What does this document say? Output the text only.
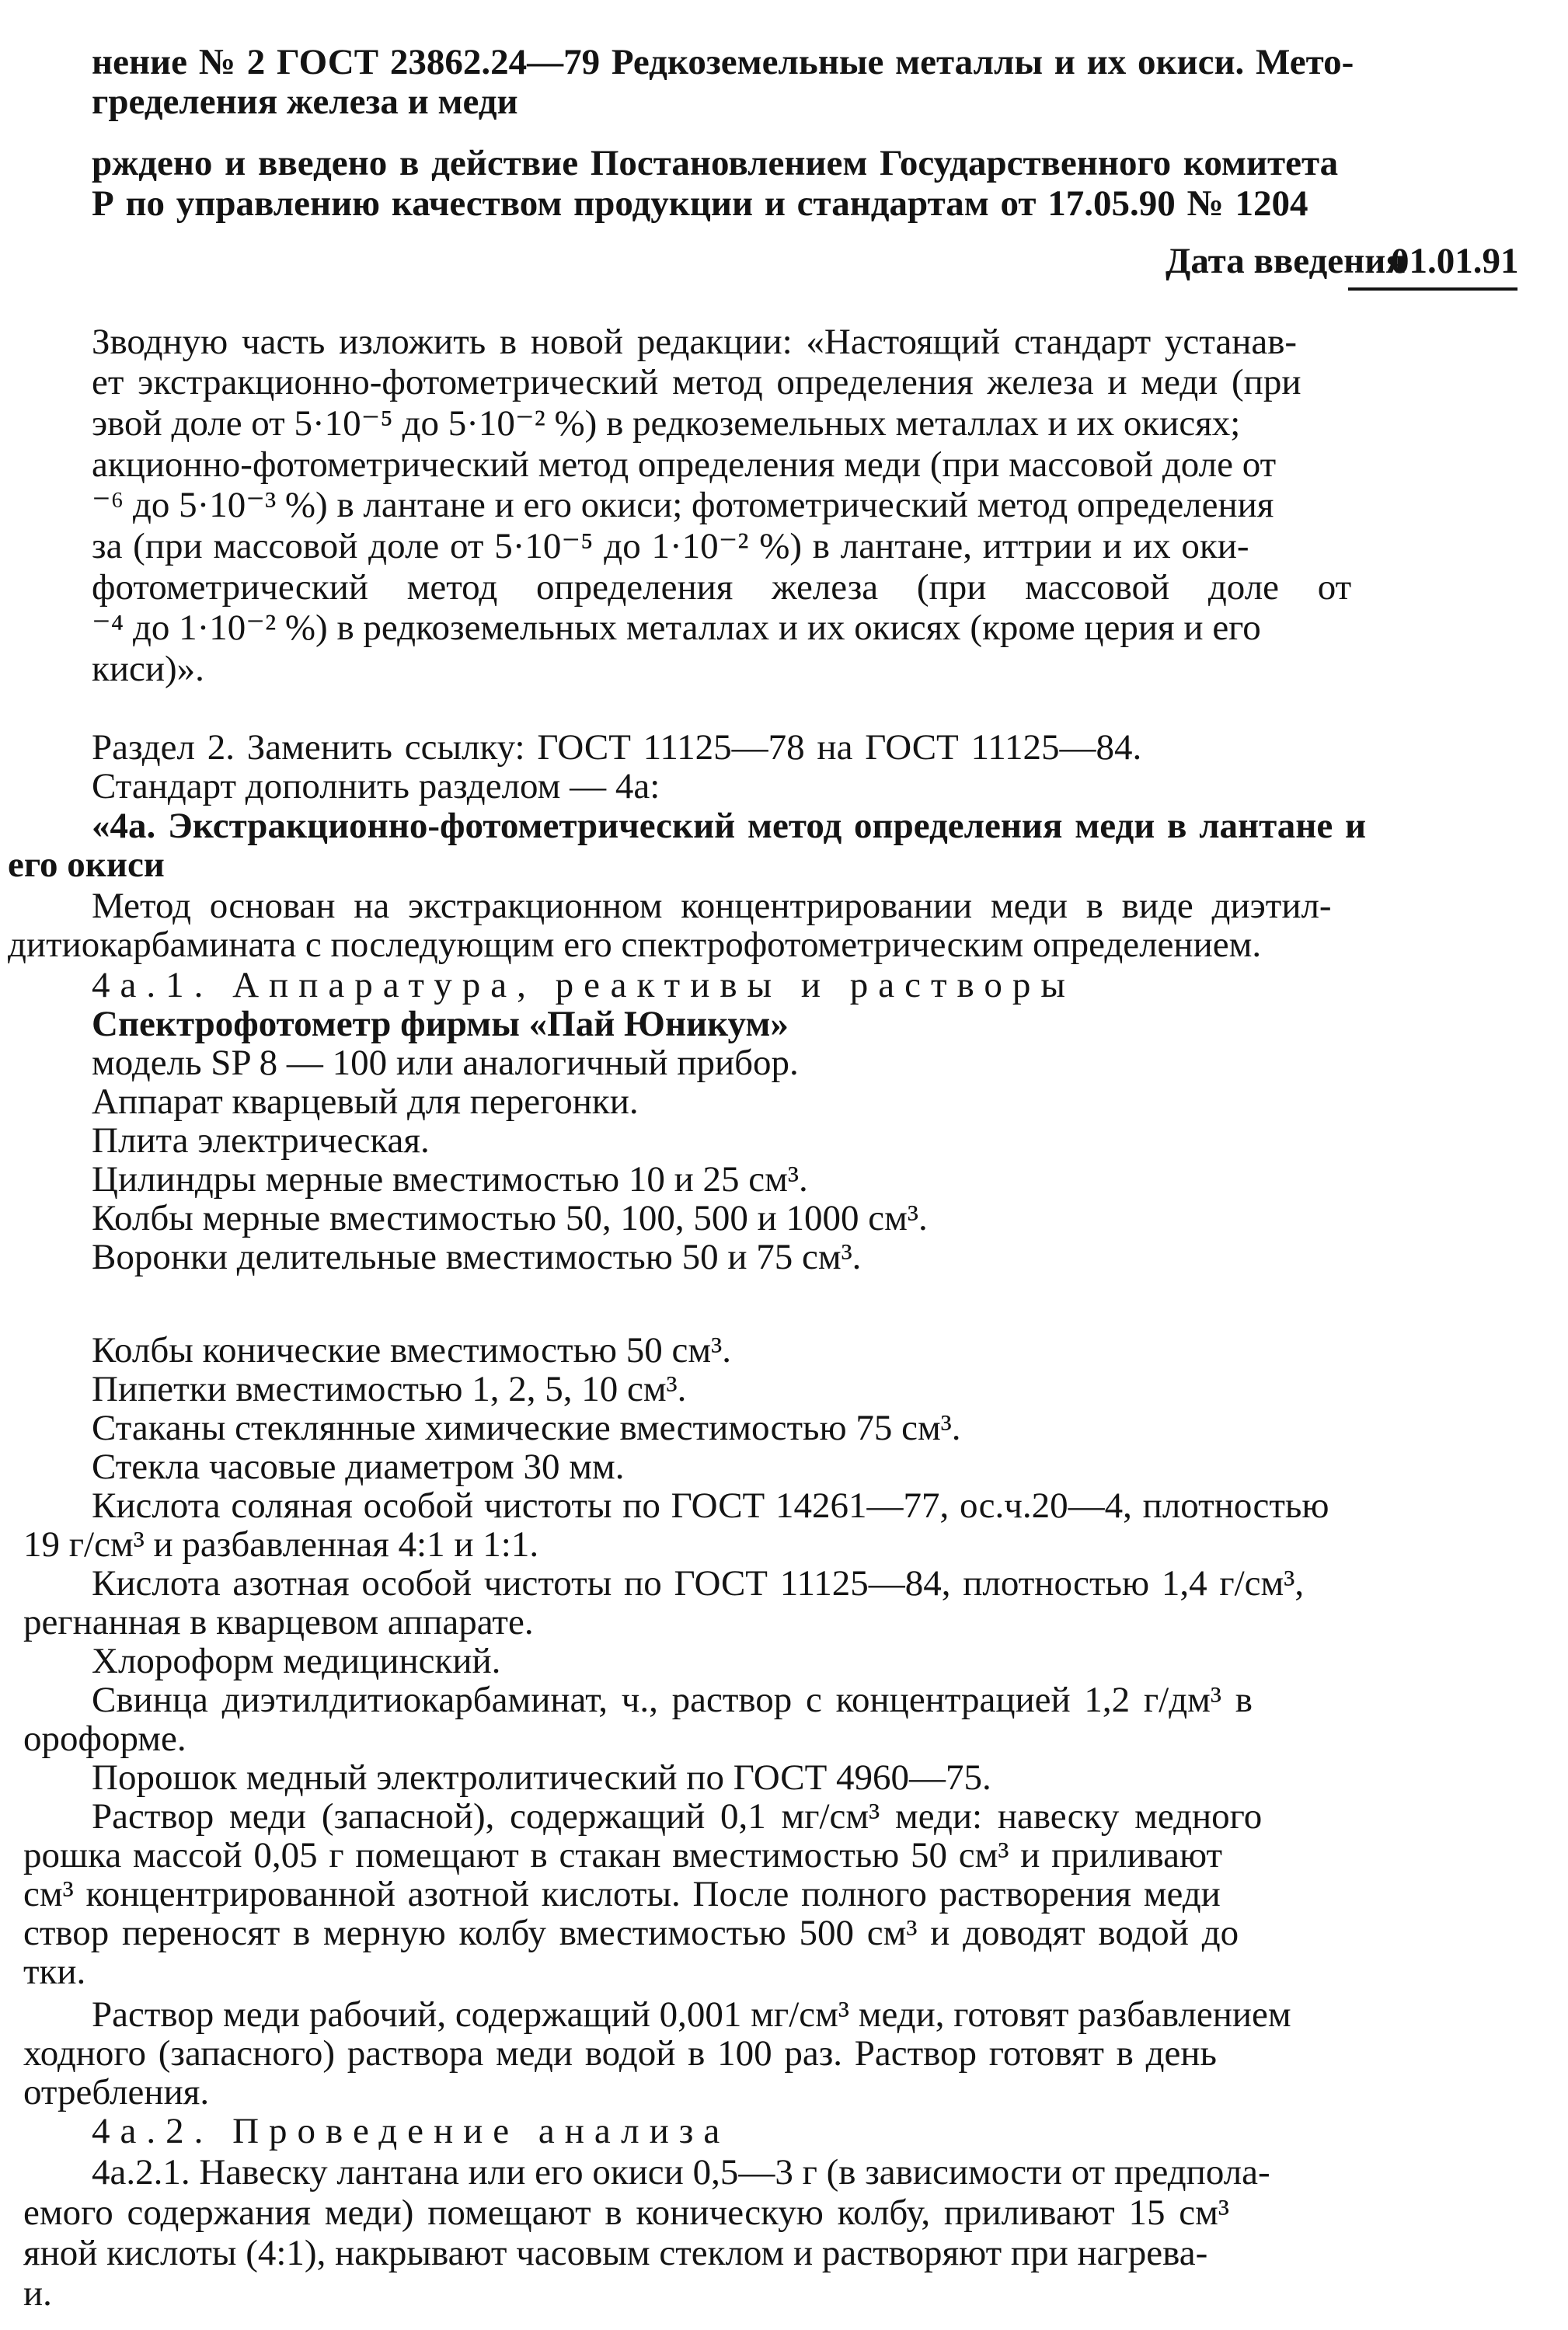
нение № 2 ГОСТ 23862.24—79 Редкоземельные металлы и их окиси. Мето-
гределения железа и меди
рждено и введено в действие Постановлением Государственного комитета
Р по управлению качеством продукции и стандартам от 17.05.90 № 1204
Дата введения
01.01.91
Зводную часть изложить в новой редакции: «Настоящий стандарт устанав-
ет экстракционно-фотометрический метод определения железа и меди (при
эвой доле от 5·10⁻⁵ до 5·10⁻² %) в редкоземельных металлах и их окисях;
акционно-фотометрический метод определения меди (при массовой доле от
⁻⁶ до 5·10⁻³ %) в лантане и его окиси; фотометрический метод определения
за (при массовой доле от 5·10⁻⁵ до 1·10⁻² %) в лантане, иттрии и их оки-
фотометрический метод определения железа (при массовой доле от
⁻⁴ до 1·10⁻² %) в редкоземельных металлах и их окисях (кроме церия и его
киси)».
Раздел 2. Заменить ссылку: ГОСТ 11125—78 на ГОСТ 11125—84.
Стандарт дополнить разделом — 4а:
«4а. Экстракционно-фотометрический метод определения меди в лантане и
его окиси
Метод основан на экстракционном концентрировании меди в виде диэтил-
дитиокарбамината с последующим его спектрофотометрическим определением.
4а.1. Аппаратура, реактивы и растворы
Спектрофотометр фирмы «Пай Юникум»
модель SP 8 — 100 или аналогичный прибор.
Аппарат кварцевый для перегонки.
Плита электрическая.
Цилиндры мерные вместимостью 10 и 25 см³.
Колбы мерные вместимостью 50, 100, 500 и 1000 см³.
Воронки делительные вместимостью 50 и 75 см³.
Колбы конические вместимостью 50 см³.
Пипетки вместимостью 1, 2, 5, 10 см³.
Стаканы стеклянные химические вместимостью 75 см³.
Стекла часовые диаметром 30 мм.
Кислота соляная особой чистоты по ГОСТ 14261—77, ос.ч.20—4, плотностью
19 г/см³ и разбавленная 4:1 и 1:1.
Кислота азотная особой чистоты по ГОСТ 11125—84, плотностью 1,4 г/см³,
регнанная в кварцевом аппарате.
Хлороформ медицинский.
Свинца диэтилдитиокарбаминат, ч., раствор с концентрацией 1,2 г/дм³ в
ороформе.
Порошок медный электролитический по ГОСТ 4960—75.
Раствор меди (запасной), содержащий 0,1 мг/см³ меди: навеску медного
рошка массой 0,05 г помещают в стакан вместимостью 50 см³ и приливают
см³ концентрированной азотной кислоты. После полного растворения меди
створ переносят в мерную колбу вместимостью 500 см³ и доводят водой до
тки.
Раствор меди рабочий, содержащий 0,001 мг/см³ меди, готовят разбавлением
ходного (запасного) раствора меди водой в 100 раз. Раствор готовят в день
отребления.
4а.2. Проведение анализа
4а.2.1. Навеску лантана или его окиси 0,5—3 г (в зависимости от предпола-
емого содержания меди) помещают в коническую колбу, приливают 15 см³
яной кислоты (4:1), накрывают часовым стеклом и растворяют при нагрева-
и.
